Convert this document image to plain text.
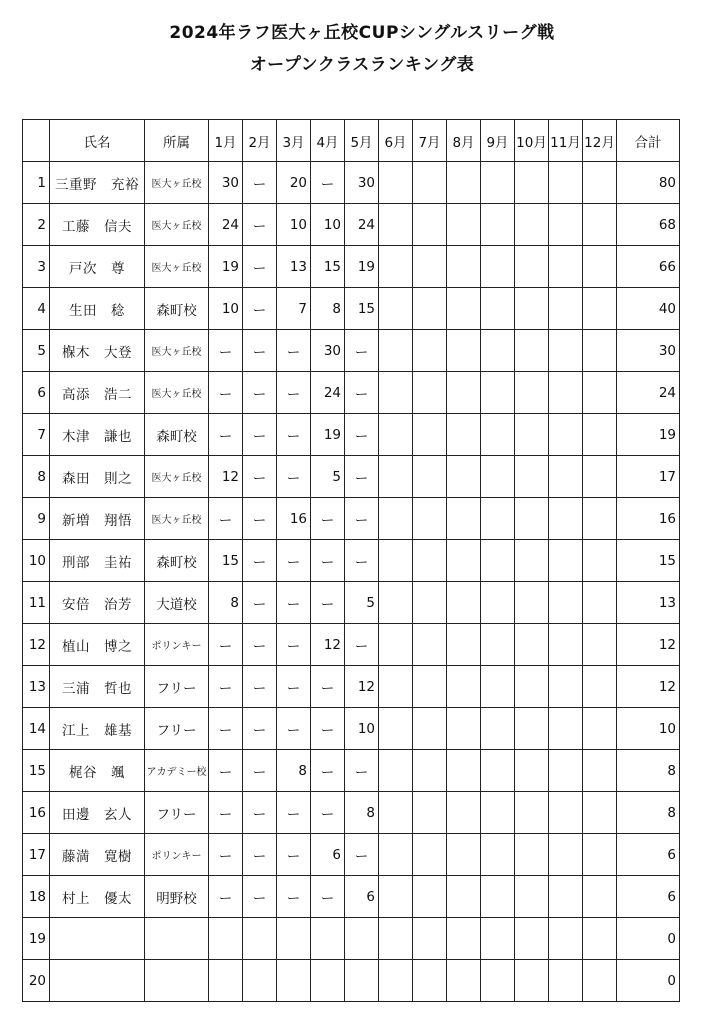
2024年ラフ医大ヶ丘校CUPシングルスリーグ戦
オープンクラスランキング表
	氏名	所属	1月	2月	3月	4月	5月	6月	7月	8月	9月	10月	11月	12月	合計
1	三重野　充裕	医大ヶ丘校	30	ー	20	ー	30								80
2	工藤　信夫	医大ヶ丘校	24	ー	10	10	24								68
3	戸次　尊	医大ヶ丘校	19	ー	13	15	19								66
4	生田　稔	森町校	10	ー	7	8	15								40
5	椺木　大登	医大ヶ丘校	ー	ー	ー	30	ー								30
6	高添　浩二	医大ヶ丘校	ー	ー	ー	24	ー								24
7	木津　謙也	森町校	ー	ー	ー	19	ー								19
8	森田　則之	医大ヶ丘校	12	ー	ー	5	ー								17
9	新増　翔悟	医大ヶ丘校	ー	ー	16	ー	ー								16
10	刑部　圭祐	森町校	15	ー	ー	ー	ー								15
11	安倍　治芳	大道校	8	ー	ー	ー	5								13
12	植山　博之	ポリンキー	ー	ー	ー	12	ー								12
13	三浦　哲也	フリー	ー	ー	ー	ー	12								12
14	江上　雄基	フリー	ー	ー	ー	ー	10								10
15	梶谷　颯	アカデミー校	ー	ー	8	ー	ー								8
16	田邊　玄人	フリー	ー	ー	ー	ー	8								8
17	藤満　寛樹	ポリンキー	ー	ー	ー	6	ー								6
18	村上　優太	明野校	ー	ー	ー	ー	6								6
19															0
20															0
